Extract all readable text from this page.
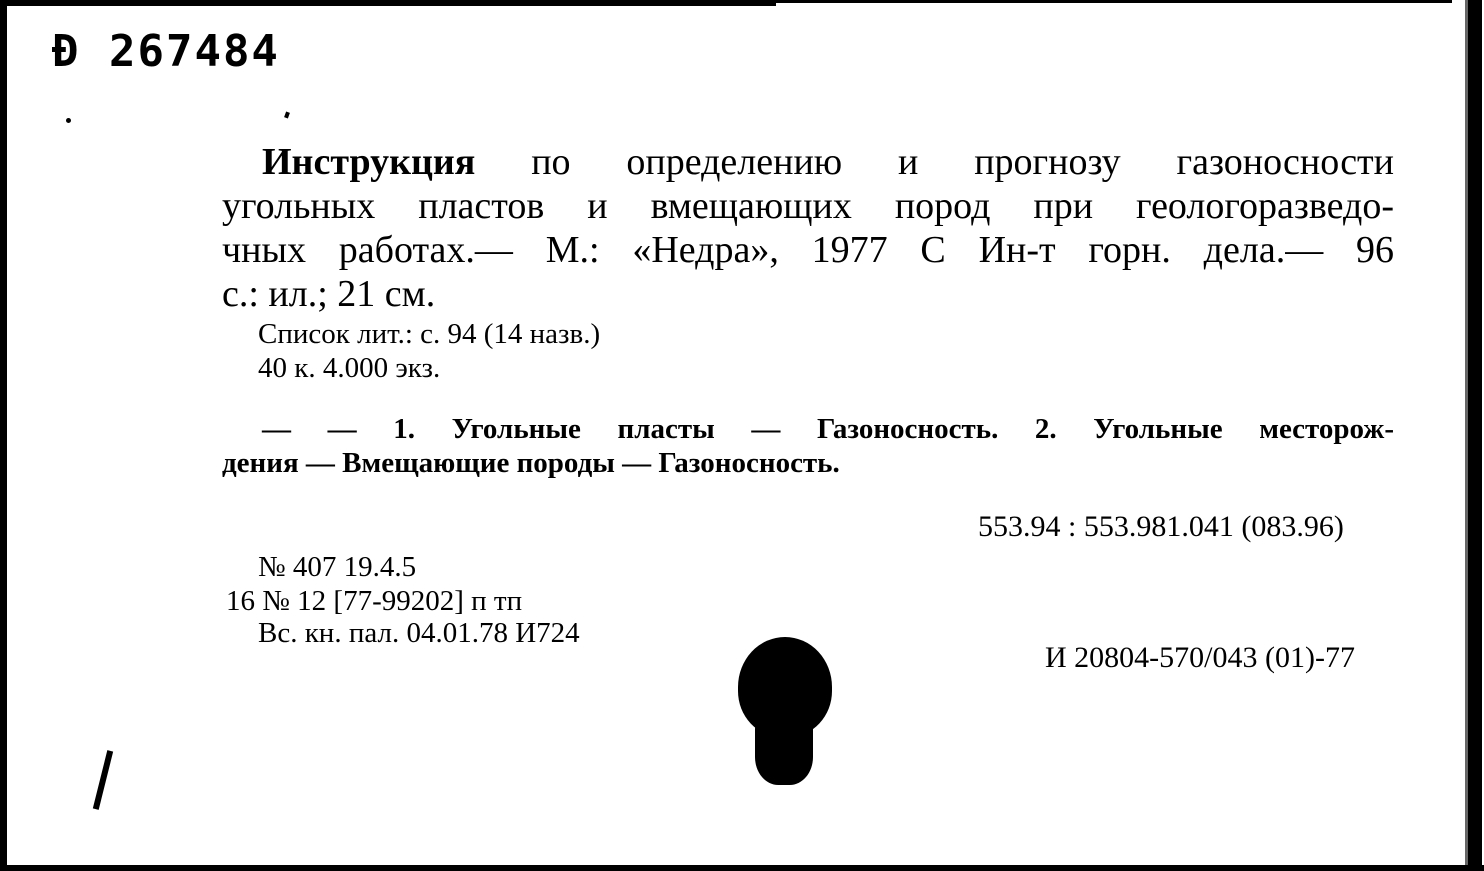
Ɖ 267484
Инструкция по определению и прогнозу газоносности
угольных пластов и вмещающих пород при геологоразведо-
чных работах.— М.: «Недра», 1977 С Ин-т горн. дела.— 96
с.: ил.; 21 см.
Список лит.: с. 94 (14 назв.)
40 к. 4.000 экз.
— — 1. Угольные пласты — Газоносность. 2. Угольные месторож-
дения — Вмещающие породы — Газоносность.
553.94 : 553.981.041 (083.96)
№ 407 19.4.5
16 № 12 [77-99202] п тп
Вс. кн. пал. 04.01.78 И724
И 20804-570/043 (01)-77
